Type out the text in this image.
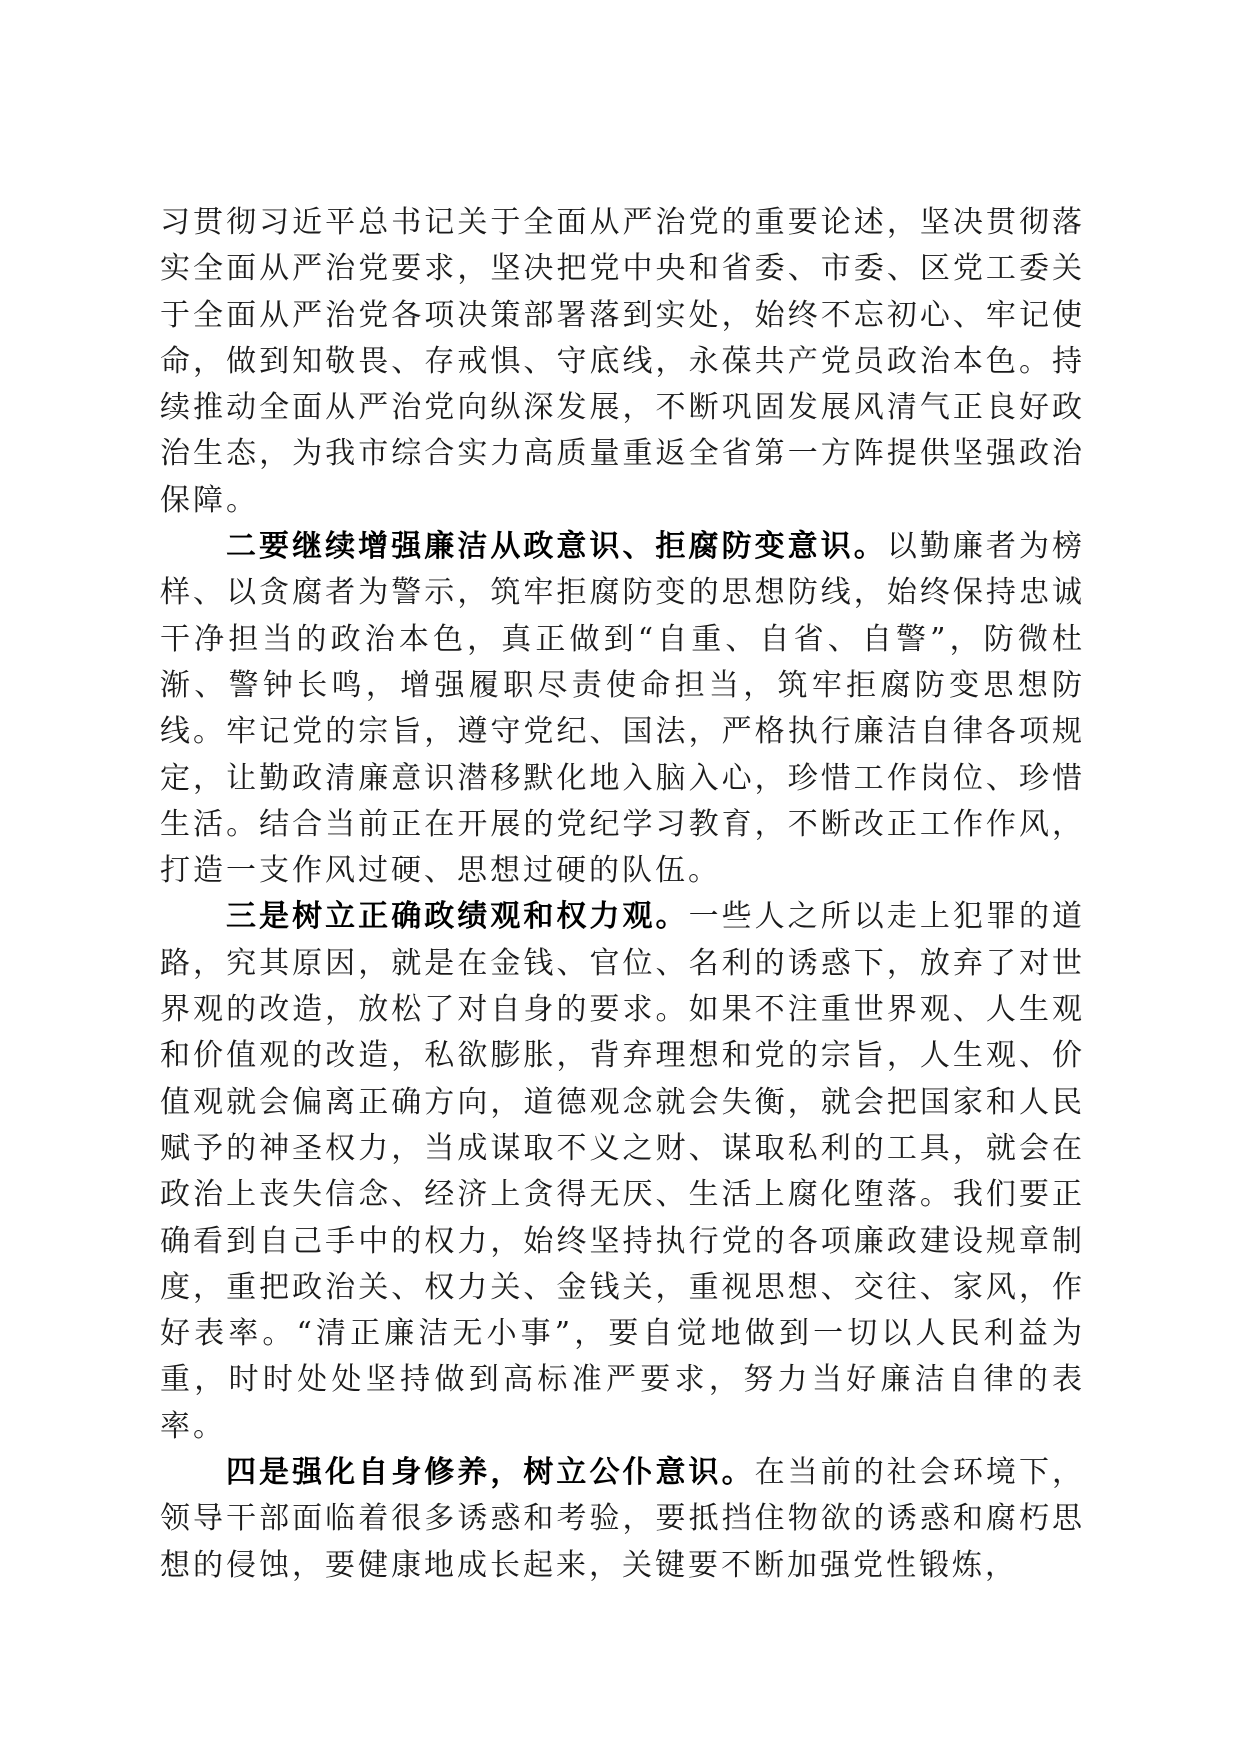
习贯彻习近平总书记关于全面从严治党的重要论述，坚决贯彻落实全面从严治党要求，坚决把党中央和省委、市委、区党工委关于全面从严治党各项决策部署落到实处，始终不忘初心、牢记使命，做到知敬畏、存戒惧、守底线，永葆共产党员政治本色。持续推动全面从严治党向纵深发展，不断巩固发展风清气正良好政治生态，为我市综合实力高质量重返全省第一方阵提供坚强政治保障。

二要继续增强廉洁从政意识、拒腐防变意识。以勤廉者为榜样、以贪腐者为警示，筑牢拒腐防变的思想防线，始终保持忠诚干净担当的政治本色，真正做到“自重、自省、自警”，防微杜渐、警钟长鸣，增强履职尽责使命担当，筑牢拒腐防变思想防线。牢记党的宗旨，遵守党纪、国法，严格执行廉洁自律各项规定，让勤政清廉意识潜移默化地入脑入心，珍惜工作岗位、珍惜生活。结合当前正在开展的党纪学习教育，不断改正工作作风，打造一支作风过硬、思想过硬的队伍。

三是树立正确政绩观和权力观。一些人之所以走上犯罪的道路，究其原因，就是在金钱、官位、名利的诱惑下，放弃了对世界观的改造，放松了对自身的要求。如果不注重世界观、人生观和价值观的改造，私欲膨胀，背弃理想和党的宗旨，人生观、价值观就会偏离正确方向，道德观念就会失衡，就会把国家和人民赋予的神圣权力，当成谋取不义之财、谋取私利的工具，就会在政治上丧失信念、经济上贪得无厌、生活上腐化堕落。我们要正确看到自己手中的权力，始终坚持执行党的各项廉政建设规章制度，重把政治关、权力关、金钱关，重视思想、交往、家风，作好表率。“清正廉洁无小事”，要自觉地做到一切以人民利益为重，时时处处坚持做到高标准严要求，努力当好廉洁自律的表率。

四是强化自身修养，树立公仆意识。在当前的社会环境下，领导干部面临着很多诱惑和考验，要抵挡住物欲的诱惑和腐朽思想的侵蚀，要健康地成长起来，关键要不断加强党性锻炼，
